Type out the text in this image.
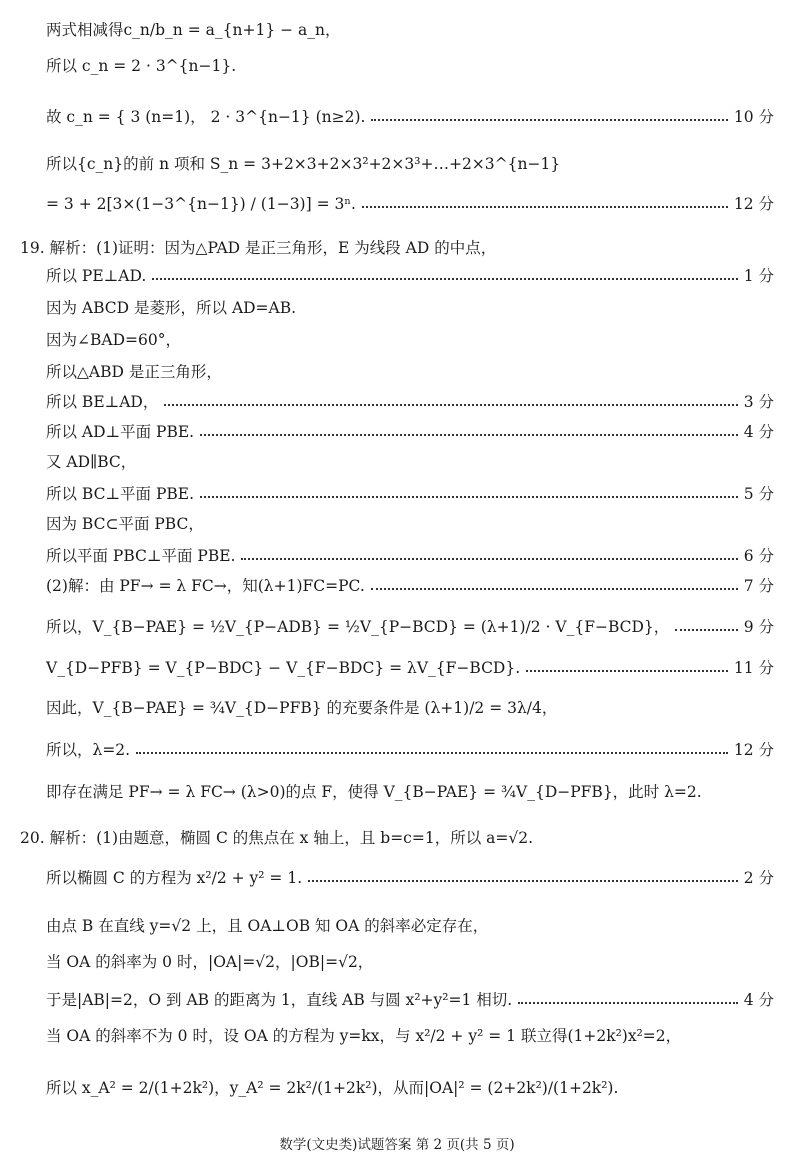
两式相减得c_n/b_n = a_{n+1} − a_n，
所以 c_n = 2 · 3^{n−1}.
故 c_n = { 3 (n=1)， 2 · 3^{n−1} (n≥2).	10 分
所以{c_n}的前 n 项和 S_n = 3+2×3+2×3²+2×3³+…+2×3^{n−1}
= 3 + 2[3×(1−3^{n−1}) / (1−3)] = 3ⁿ.	12 分
19. 解析：(1)证明：因为△PAD 是正三角形，E 为线段 AD 的中点，
所以 PE⊥AD.	1 分
因为 ABCD 是菱形，所以 AD=AB.
因为∠BAD=60°，
所以△ABD 是正三角形，
所以 BE⊥AD，	3 分
所以 AD⊥平面 PBE.	4 分
又 AD∥BC，
所以 BC⊥平面 PBE.	5 分
因为 BC⊂平面 PBC，
所以平面 PBC⊥平面 PBE.	6 分
(2)解：由 PF→ = λ FC→，知(λ+1)FC=PC.	7 分
所以，V_{B−PAE} = ½V_{P−ADB} = ½V_{P−BCD} = (λ+1)/2 · V_{F−BCD}，	9 分
V_{D−PFB} = V_{P−BDC} − V_{F−BDC} = λV_{F−BCD}.	11 分
因此，V_{B−PAE} = ¾V_{D−PFB} 的充要条件是 (λ+1)/2 = 3λ/4，
所以，λ=2.	12 分
即存在满足 PF→ = λ FC→ (λ>0)的点 F，使得 V_{B−PAE} = ¾V_{D−PFB}，此时 λ=2.
20. 解析：(1)由题意，椭圆 C 的焦点在 x 轴上，且 b=c=1，所以 a=√2.
所以椭圆 C 的方程为 x²/2 + y² = 1.	2 分
由点 B 在直线 y=√2 上，且 OA⊥OB 知 OA 的斜率必定存在，
当 OA 的斜率为 0 时，|OA|=√2，|OB|=√2，
于是|AB|=2，O 到 AB 的距离为 1，直线 AB 与圆 x²+y²=1 相切.	4 分
当 OA 的斜率不为 0 时，设 OA 的方程为 y=kx，与 x²/2 + y² = 1 联立得(1+2k²)x²=2，
所以 x_A² = 2/(1+2k²)，y_A² = 2k²/(1+2k²)，从而|OA|² = (2+2k²)/(1+2k²).
数学(文史类)试题答案 第 2 页(共 5 页)
